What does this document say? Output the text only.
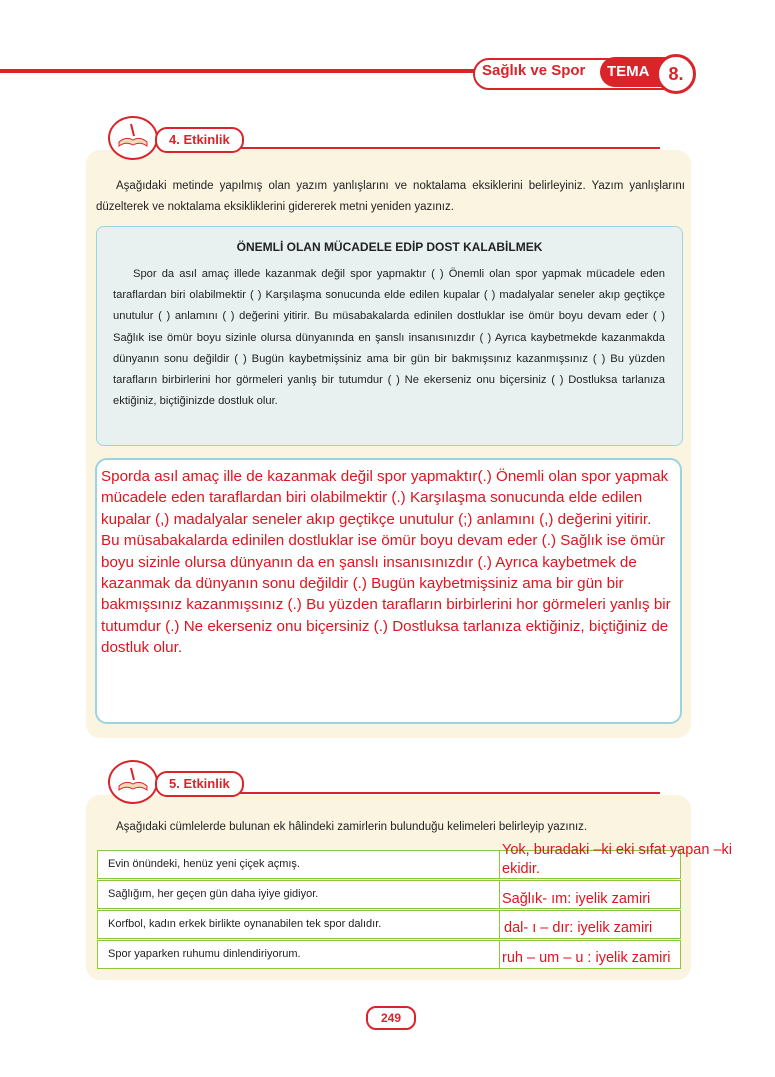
Sağlık ve Spor TEMA	8.
4. Etkinlik
Aşağıdaki metinde yapılmış olan yazım yanlışlarını ve noktalama eksiklerini belirleyiniz. Yazım yanlışlarını düzelterek ve noktalama eksikliklerini gidererek metni yeniden yazınız.
ÖNEMLİ OLAN MÜCADELE EDİP DOST KALABİLMEK
Spor da asıl amaç illede kazanmak değil spor yapmaktır ( ) Önemli olan spor yapmak mücadele eden taraflardan biri olabilmektir ( ) Karşılaşma sonucunda elde edilen kupalar ( ) madalyalar seneler akıp geçtikçe unutulur ( ) anlamını ( ) değerini yitirir. Bu müsabakalarda edinilen dostluklar ise ömür boyu devam eder ( ) Sağlık ise ömür boyu sizinle olursa dünyanında en şanslı insanısınızdır ( ) Ayrıca kaybetmekde kazanmakda dünyanın sonu değildir ( ) Bugün kaybetmişsiniz ama bir gün bir bakmışsınız kazanmışsınız ( ) Bu yüzden tarafların birbirlerini hor görmeleri yanlış bir tutumdur ( ) Ne ekerseniz onu biçersiniz ( ) Dostluksa tarlanıza ektiğiniz, biçtiğinizde dostluk olur.
Sporda asıl amaç ille de kazanmak değil spor yapmaktır(.) Önemli olan spor yapmak mücadele eden taraflardan biri olabilmektir (.) Karşılaşma sonucunda elde edilen kupalar (,) madalyalar seneler akıp geçtikçe unutulur (;) anlamını (,) değerini yitirir. Bu müsabakalarda edinilen dostluklar ise ömür boyu devam eder (.) Sağlık ise ömür boyu sizinle olursa dünyanın da en şanslı insanısınızdır (.) Ayrıca kaybetmek de kazanmak da dünyanın sonu değildir (.) Bugün kaybetmişsiniz ama bir gün bir bakmışsınız kazanmışsınız (.) Bu yüzden tarafların birbirlerini hor görmeleri yanlış bir tutumdur (.) Ne ekerseniz onu biçersiniz (.) Dostluksa tarlanıza ektiğiniz, biçtiğiniz de dostluk olur.
5. Etkinlik
Aşağıdaki cümlelerde bulunan ek hâlindeki zamirlerin bulunduğu kelimeleri belirleyip yazınız.
Evin önündeki, henüz yeni çiçek açmış.
Sağlığım, her geçen gün daha iyiye gidiyor.
Korfbol, kadın erkek birlikte oynanabilen tek spor dalıdır.
Spor yaparken ruhumu dinlendiriyorum.
Yok, buradaki –ki eki sıfat yapan –ki ekidir.
Sağlık- ım: iyelik zamiri
dal- ı – dır: iyelik zamiri
ruh – um – u : iyelik zamiri
249
